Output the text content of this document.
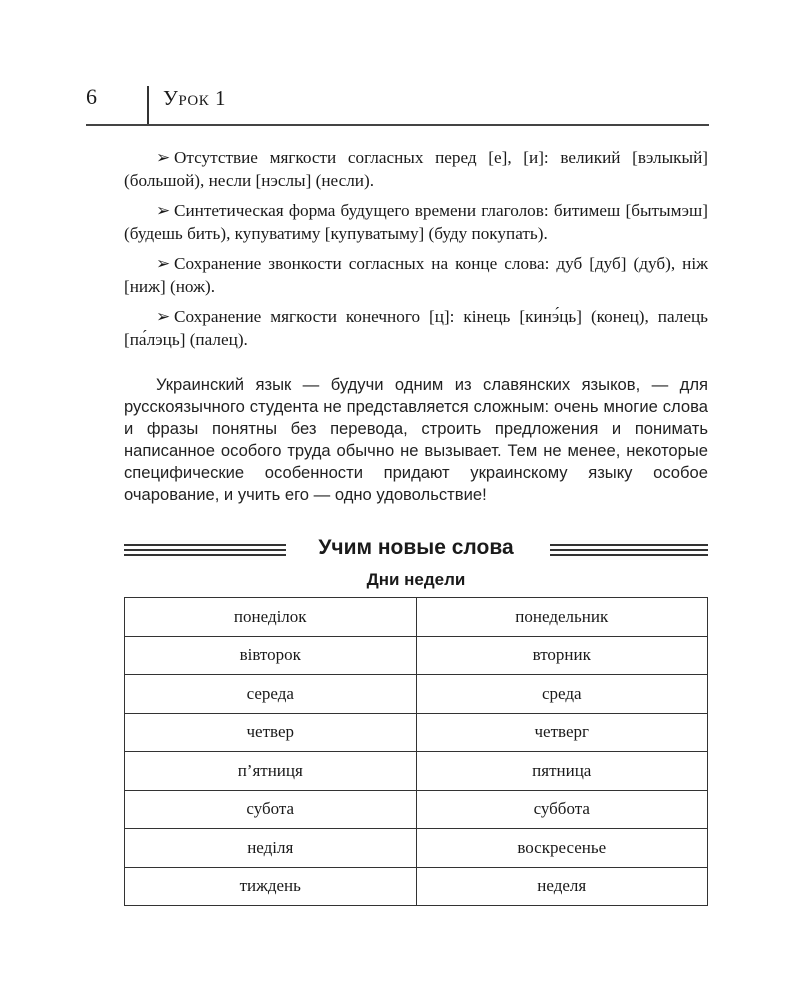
6	Урок 1

➢ Отсутствие мягкости согласных перед [е], [и]: великий [вэлыкый] (большой), несли [нэслы] (несли).

➢ Синтетическая форма будущего времени глаголов: битимеш [бытымэш] (будешь бить), купуватиму [купуватыму] (буду покупать).

➢ Сохранение звонкости согласных на конце слова: дуб [дуб] (дуб), ніж [ниж] (нож).

➢ Сохранение мягкости конечного [ц]: кінець [кинэ́ць] (конец), палець [па́лэць] (палец).

Украинский язык — будучи одним из славянских языков, — для русскоязычного студента не представляется сложным: очень многие слова и фразы понятны без перевода, строить предложения и понимать написанное особого труда обычно не вызывает. Тем не менее, некоторые специфические особенности придают украинскому языку особое очарование, и учить его — одно удовольствие!

Учим новые слова
Дни недели
понеділок	понедельник
вівторок	вторник
середа	среда
четвер	четверг
п’ятниця	пятница
субота	суббота
неділя	воскресенье
тиждень	неделя
